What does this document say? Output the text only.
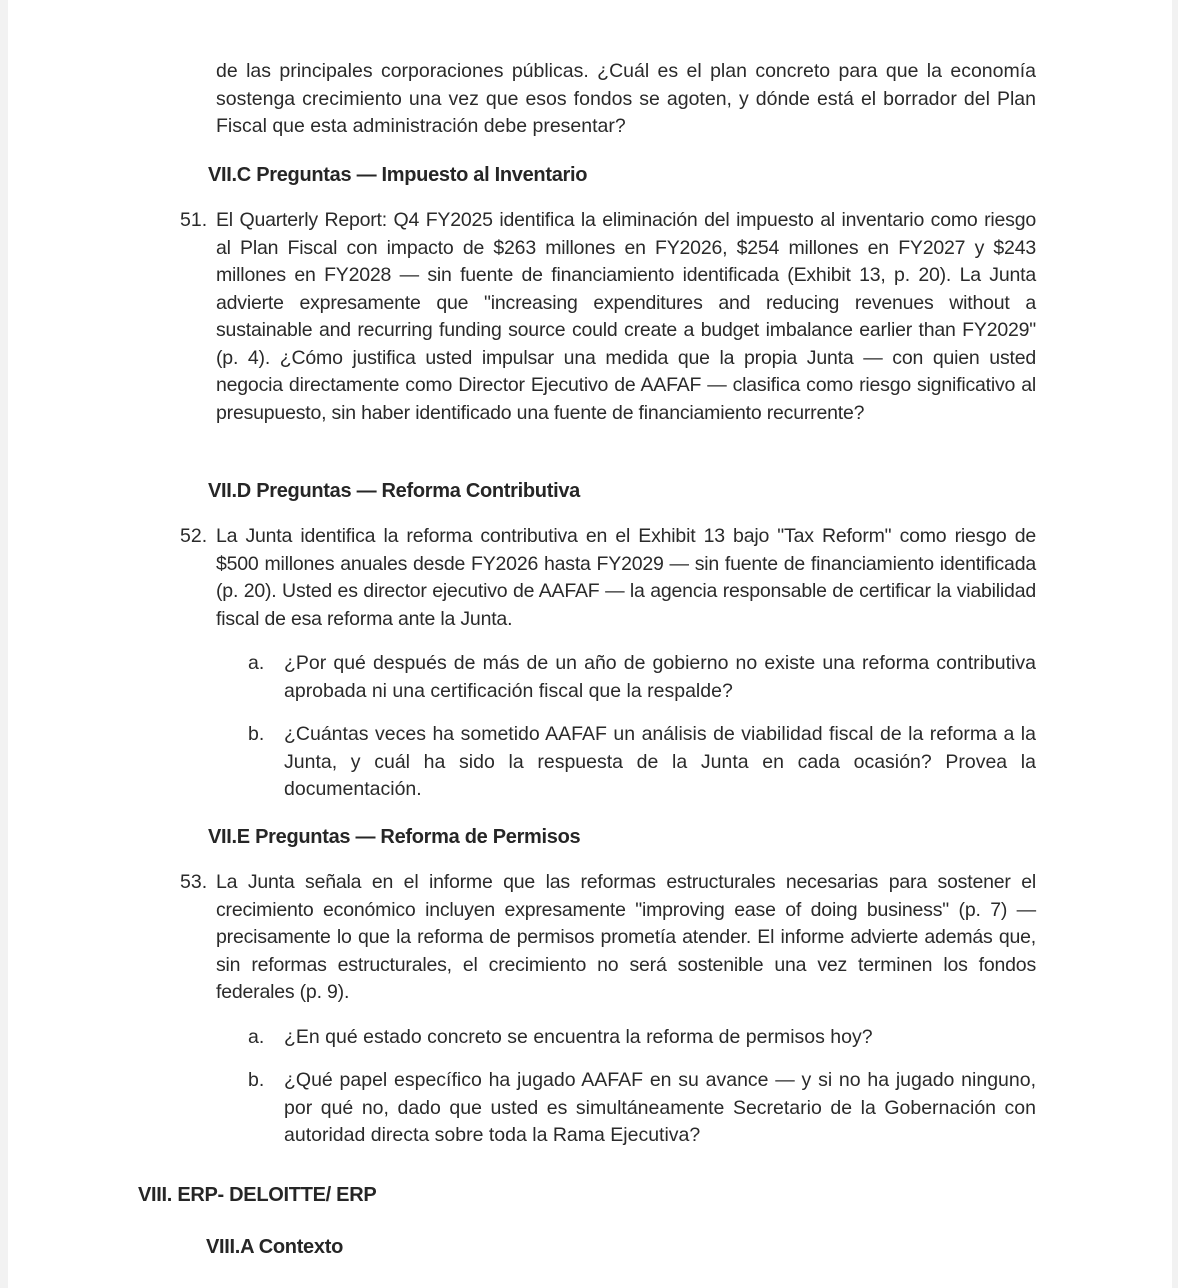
de las principales corporaciones públicas. ¿Cuál es el plan concreto para que la economía sostenga crecimiento una vez que esos fondos se agoten, y dónde está el borrador del Plan Fiscal que esta administración debe presentar?

VII.C Preguntas — Impuesto al Inventario
51. El Quarterly Report: Q4 FY2025 identifica la eliminación del impuesto al inventario como riesgo al Plan Fiscal con impacto de $263 millones en FY2026, $254 millones en FY2027 y $243 millones en FY2028 — sin fuente de financiamiento identificada (Exhibit 13, p. 20). La Junta advierte expresamente que "increasing expenditures and reducing revenues without a sustainable and recurring funding source could create a budget imbalance earlier than FY2029" (p. 4). ¿Cómo justifica usted impulsar una medida que la propia Junta — con quien usted negocia directamente como Director Ejecutivo de AAFAF — clasifica como riesgo significativo al presupuesto, sin haber identificado una fuente de financiamiento recurrente?
VII.D Preguntas — Reforma Contributiva
52. La Junta identifica la reforma contributiva en el Exhibit 13 bajo "Tax Reform" como riesgo de $500 millones anuales desde FY2026 hasta FY2029 — sin fuente de financiamiento identificada (p. 20). Usted es director ejecutivo de AAFAF — la agencia responsable de certificar la viabilidad fiscal de esa reforma ante la Junta.
a.	¿Por qué después de más de un año de gobierno no existe una reforma contributiva aprobada ni una certificación fiscal que la respalde?
b.	¿Cuántas veces ha sometido AAFAF un análisis de viabilidad fiscal de la reforma a la Junta, y cuál ha sido la respuesta de la Junta en cada ocasión? Provea la documentación.
VII.E Preguntas — Reforma de Permisos
53. La Junta señala en el informe que las reformas estructurales necesarias para sostener el crecimiento económico incluyen expresamente "improving ease of doing business" (p. 7) — precisamente lo que la reforma de permisos prometía atender. El informe advierte además que, sin reformas estructurales, el crecimiento no será sostenible una vez terminen los fondos federales (p. 9).
a.	¿En qué estado concreto se encuentra la reforma de permisos hoy?
b.	¿Qué papel específico ha jugado AAFAF en su avance — y si no ha jugado ninguno, por qué no, dado que usted es simultáneamente Secretario de la Gobernación con autoridad directa sobre toda la Rama Ejecutiva?
VIII. ERP- DELOITTE/ ERP
VIII.A Contexto
